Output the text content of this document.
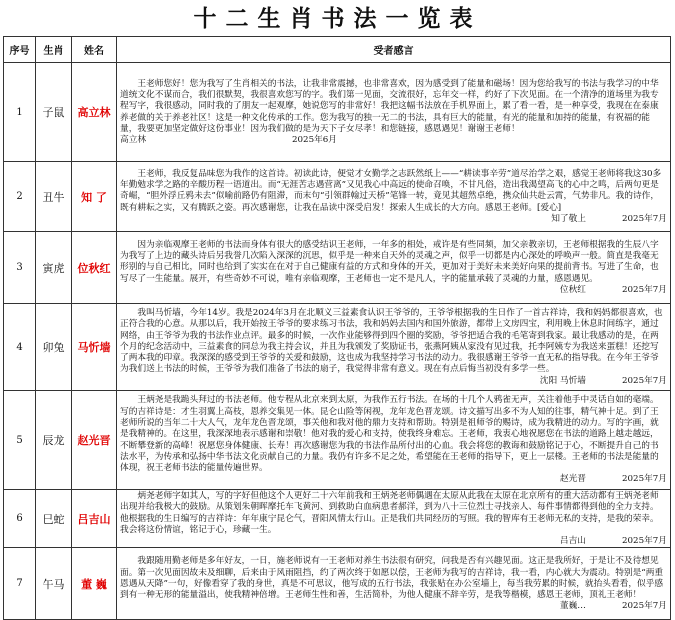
十二生肖书法一览表
序号	生肖	姓名	受者感言
1	子鼠	高立林	王老师您好！您为我写了生肖相关的书法，让我非常震撼，也非常喜欢，因为感受到了能量和磁场！因为您给我写的书法与我学习的中华道统文化不谋而合，我们很默契，我很喜欢您写的字。我们第一见面，交流很好，忘年交一样，约好了下次见面。在一个清净的道场里为我专程写字，我很感动，同时我的了朋友一起观摩，她说您写的非常好！我把这幅书法放在手机界面上，累了看一看，是一种享受，我现在在泰康养老做的关于养老社区！这是一种文化传承的工作。您为我写的独一无二的书法，具有巨大的能量，有光的能量和加持的能量，有祝福的能量，我要更加坚定做好这份事业！因为我们做的是为天下子女尽孝！和您链接，感恩遇见！谢谢王老师！
高立林 2025年6月

2	丑牛	知 了	王老师，我反复品味您为我作的这首诗。初读此诗，便觉才女勤学之志跃然纸上——“耕读事辛劳”道尽治学之艰，感觉王老师将我这30多年勤勉求学之路的辛酸历程一语道出。而“无涯苦志遇营离”又见我心中高远的使命召唤，不甘凡俗，造出我渴望高飞的心中之鸣，后两句更是奇崛，“胆外浮丘鸦未去”似喻前路仍有阻滞，而末句“引领群翰过天桥”笔锋一转，竟见其超然卓绝，携众仙共赴云霄，气势非凡。我的诗作，既有耕耘之实，又有腾跃之姿。再次感谢您，让我在品读中深受启发！探索人生成长的大方向。感恩王老师。[爱心]
知了敬上 2025年7月

3	寅虎	位秋红	因为亲临观摩王老师的书法而身体有很大的感受结识王老师，一年多的相处，戒许是有些同频，加父亲教亲切，王老师根据我的生辰八字为我写了上边的藏头诗后另我誉几次陷入深深的沉思，似乎是一种来自天外的灵魂之声，似乎一切都是内心深处的呼唤声一般。简直是我毫无形别的与自己相比，同时也给到了实实在在对于自己健康有益的方式和身体的开关，更加对于美好未来美好向果的提前背书。写进了生命，也写尽了一生能量。展开，有些奇妙不可说，唯有亲临观摩，王老师也一定不是凡人，字的能量承载了灵魂的力量，感恩遇见。
位秋红 2025年7月

4	卯兔	马忻墙	我叫马忻墙，今年14岁。我是2024年3月在北顺义三益素食认识王爷爷的，王爷爷根据我的生日作了一首古祥诗，我和妈妈都很喜欢，也正符合我的心意。从那以后，我开始按王爷爷的要求练习书法，我和妈妈去国内和国外旅游，都带上文房四宝，利用晚上休息时间练字，通过网络，由王爷爷为我的书法作业点评。最多的时候，一次作业能够得到四个圈的奖励，爷爷把适合我的毛笔寄到我家。最让我感动的是，在两个月的纪念活动中，三益素食的同总为我主持会议，并且为我颁发了奖励证书，张燕阿姨从家没有见过我，托李阿姨专为我送来蛋糕！还挖写了两本我的印章。我深深的感受到王爷爷的关爱和鼓励，这也成为我坚持学习书法的动力。我很感谢王爷爷一直无私的指导我。在今年王爷爷为我们送上书法的时候，王爷爷为我们准备了书法的扇子，我觉得非常有意义。现在有点后悔当初没有多学一些。
沈阳 马忻墙 2025年7月

5	辰龙	赵光晋	王炳尧是我跪头拜过的书法老师。他专程从北京来到太原，为我作五行书法。在场的十几个人鸦雀无声，关注着他手中灵话自如的毫端。写的吉祥诗是：才生羽翼上高枝，恩养交集见一体。昆仑山险等闲视，龙年龙色晋龙颂。诗文描写出多不为人知的往事，精气神十足。到了王老师所说的当年二十大人气，龙年龙色晋龙颂，事关他和我对他的鼎力支持和帮助。特别是祖师爷的赐诗，成为我精进的动力。写的字画，就是我精神的。在这里，我深深地表示感谢和崇敬！他对我的爱心和支持，使我终身难忘。王老师，我衷心地祝愿您在书法的道路上越走越远，不断攀登新的高峰！祝愿您身体健康、长寿！再次感谢您为我的书法作品所付出的心血。我会将您的教诲和鼓励铭记于心，不断提升自己的书法水平，为传承和弘扬中华书法文化贡献自己的力量。我仍有许多不足之处，希望能在王老师的指导下，更上一层楼。王老师的书法是能量的体现，祝王老师书法的能量传遍世界。
赵光晋 2025年7月

6	巳蛇	吕吉山	炳尧老师字如其人，写的字好但他这个人更好二十六年前我和王炳尧老师偶遇在太原从此我在太原在北京所有的重大活动都有王炳尧老师出现并给我极大的鼓励。从策划朱朝晖摩托车飞黄河、到救助白血病患者郝洋，到为八十三位烈士寻找亲人、每件事情都得到他的全力支持。他根据我的生日编写的吉祥诗：年年康宁昆仑气，晋阳风情太行山。正是我们共同经历的写照。我的智库有王老师无私的支持，是我的荣幸。我会将这份情谊，铭记于心，珍藏一生。
吕吉山 2025年7月

7	午马	董 巍	我跟随用勤老师是多年好友，一日，施老师说有一王老师对养生书法很有研究，问我是否有兴趣见面。这正是我所好，于是让不及待想见面。第一次见面因故未及细聊，后来由于风雨阻挡，约了两次终于如愿以偿，王老师为我写的吉祥诗，我一看，内心就大为震动。特别是“两重恩遇从天降”一句，好像看穿了我的身世，真是不可思议，他写成的五行书法，我张贴在办公室墙上，每当我劳累的时候，就抬头看看，似乎感到有一种无形的能量溢出，使我精神倍增。王老师生性和善，生活简朴，为他人健康不辞辛劳，是我等楷模，感恩王老师，顶礼王老师！
董巍… 2025年7月
